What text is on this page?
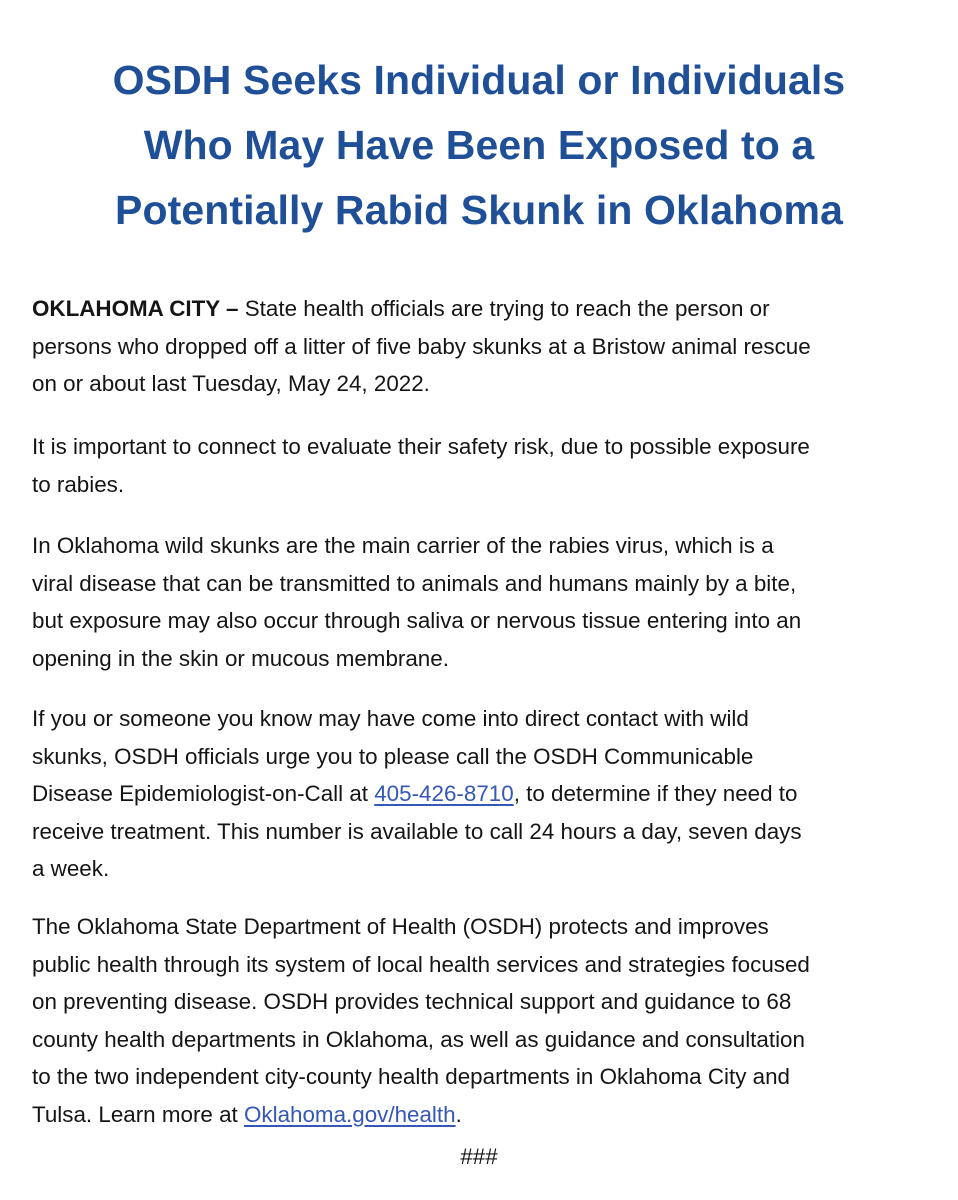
OSDH Seeks Individual or Individuals
Who May Have Been Exposed to a
Potentially Rabid Skunk in Oklahoma

OKLAHOMA CITY – State health officials are trying to reach the person or
persons who dropped off a litter of five baby skunks at a Bristow animal rescue
on or about last Tuesday, May 24, 2022.

It is important to connect to evaluate their safety risk, due to possible exposure
to rabies.

In Oklahoma wild skunks are the main carrier of the rabies virus, which is a
viral disease that can be transmitted to animals and humans mainly by a bite,
but exposure may also occur through saliva or nervous tissue entering into an
opening in the skin or mucous membrane.

If you or someone you know may have come into direct contact with wild
skunks, OSDH officials urge you to please call the OSDH Communicable
Disease Epidemiologist-on-Call at 405-426-8710, to determine if they need to
receive treatment. This number is available to call 24 hours a day, seven days
a week.

The Oklahoma State Department of Health (OSDH) protects and improves
public health through its system of local health services and strategies focused
on preventing disease. OSDH provides technical support and guidance to 68
county health departments in Oklahoma, as well as guidance and consultation
to the two independent city-county health departments in Oklahoma City and
Tulsa. Learn more at Oklahoma.gov/health.

###
